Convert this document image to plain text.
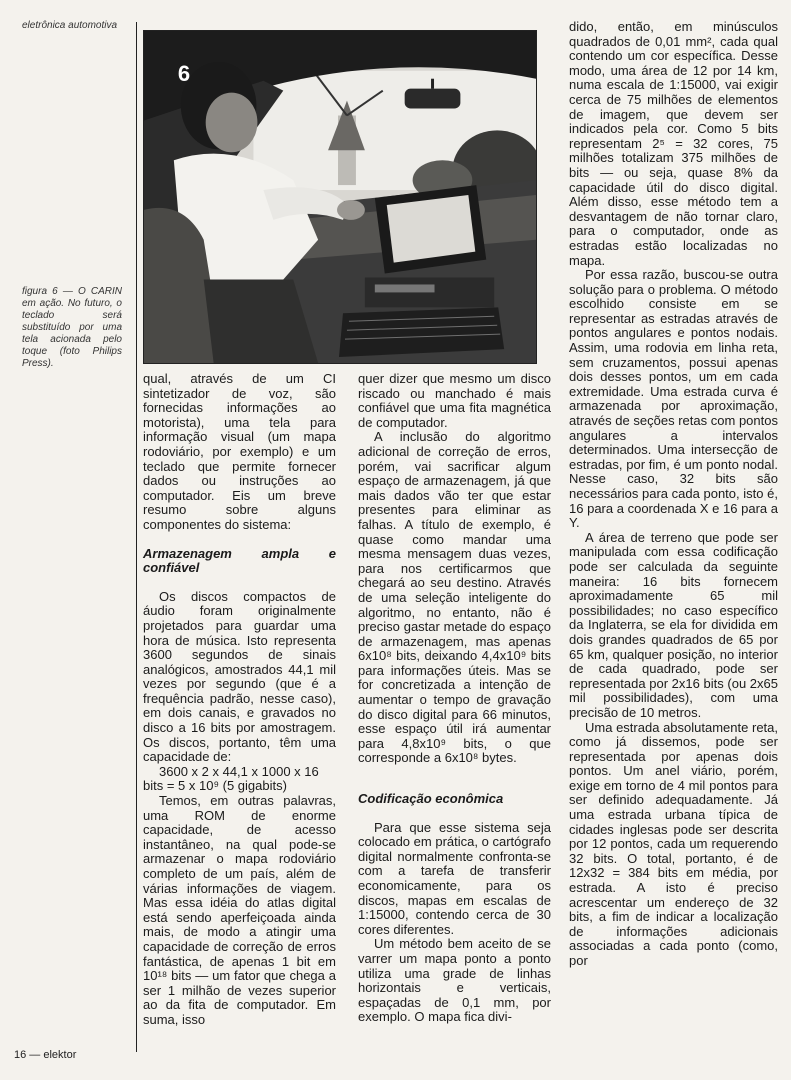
eletrônica automotiva
6
figura 6 — O CARIN em ação. No futuro, o teclado será substituído por uma tela acionada pelo toque (foto Philips Press).

qual, através de um CI sintetizador de voz, são fornecidas informações ao motorista), uma tela para informação visual (um mapa rodoviário, por exemplo) e um teclado que permite fornecer dados ou instruções ao computador. Eis um breve resumo sobre alguns componentes do sistema:

Armazenagem ampla e confiável

Os discos compactos de áudio foram originalmente projetados para guardar uma hora de música. Isto representa 3600 segundos de sinais analógicos, amostrados 44,1 mil vezes por segundo (que é a frequência padrão, nesse caso), em dois canais, e gravados no disco a 16 bits por amostragem. Os discos, portanto, têm uma capacidade de:

3600 x 2 x 44,1 x 1000 x 16 bits = 5 x 10⁹ (5 gigabits)

Temos, em outras palavras, uma ROM de enorme capacidade, de acesso instantâneo, na qual pode-se armazenar o mapa rodoviário completo de um país, além de várias informações de viagem. Mas essa idéia do atlas digital está sendo aperfeiçoada ainda mais, de modo a atingir uma capacidade de correção de erros fantástica, de apenas 1 bit em 10¹⁸ bits — um fator que chega a ser 1 milhão de vezes superior ao da fita de computador. Em suma, isso

quer dizer que mesmo um disco riscado ou manchado é mais confiável que uma fita magnética de computador.

A inclusão do algoritmo adicional de correção de erros, porém, vai sacrificar algum espaço de armazenagem, já que mais dados vão ter que estar presentes para eliminar as falhas. A título de exemplo, é quase como mandar uma mesma mensagem duas vezes, para nos certificarmos que chegará ao seu destino. Através de uma seleção inteligente do algoritmo, no entanto, não é preciso gastar metade do espaço de armazenagem, mas apenas 6x10⁸ bits, deixando 4,4x10⁹ bits para informações úteis. Mas se for concretizada a intenção de aumentar o tempo de gravação do disco digital para 66 minutos, esse espaço útil irá aumentar para 4,8x10⁹ bits, o que corresponde a 6x10⁸ bytes.

Codificação econômica

Para que esse sistema seja colocado em prática, o cartógrafo digital normalmente confronta-se com a tarefa de transferir economicamente, para os discos, mapas em escalas de 1:15000, contendo cerca de 30 cores diferentes.

Um método bem aceito de se varrer um mapa ponto a ponto utiliza uma grade de linhas horizontais e verticais, espaçadas de 0,1 mm, por exemplo. O mapa fica divi-

dido, então, em minúsculos quadrados de 0,01 mm², cada qual contendo um cor específica. Desse modo, uma área de 12 por 14 km, numa escala de 1:15000, vai exigir cerca de 75 milhões de elementos de imagem, que devem ser indicados pela cor. Como 5 bits representam 2⁵ = 32 cores, 75 milhões totalizam 375 milhões de bits — ou seja, quase 8% da capacidade útil do disco digital. Além disso, esse método tem a desvantagem de não tornar claro, para o computador, onde as estradas estão localizadas no mapa.

Por essa razão, buscou-se outra solução para o problema. O método escolhido consiste em se representar as estradas através de pontos angulares e pontos nodais. Assim, uma rodovia em linha reta, sem cruzamentos, possui apenas dois desses pontos, um em cada extremidade. Uma estrada curva é armazenada por aproximação, através de seções retas com pontos angulares a intervalos determinados. Uma intersecção de estradas, por fim, é um ponto nodal. Nesse caso, 32 bits são necessários para cada ponto, isto é, 16 para a coordenada X e 16 para a Y.

A área de terreno que pode ser manipulada com essa codificação pode ser calculada da seguinte maneira: 16 bits fornecem aproximadamente 65 mil possibilidades; no caso específico da Inglaterra, se ela for dividida em dois grandes quadrados de 65 por 65 km, qualquer posição, no interior de cada quadrado, pode ser representada por 2x16 bits (ou 2x65 mil possibilidades), com uma precisão de 10 metros.

Uma estrada absolutamente reta, como já dissemos, pode ser representada por apenas dois pontos. Um anel viário, porém, exige em torno de 4 mil pontos para ser definido adequadamente. Já uma estrada urbana típica de cidades inglesas pode ser descrita por 12 pontos, cada um requerendo 32 bits. O total, portanto, é de 12x32 = 384 bits em média, por estrada. A isto é preciso acrescentar um endereço de 32 bits, a fim de indicar a localização de informações adicionais associadas a cada ponto (como, por

16 — elektor
